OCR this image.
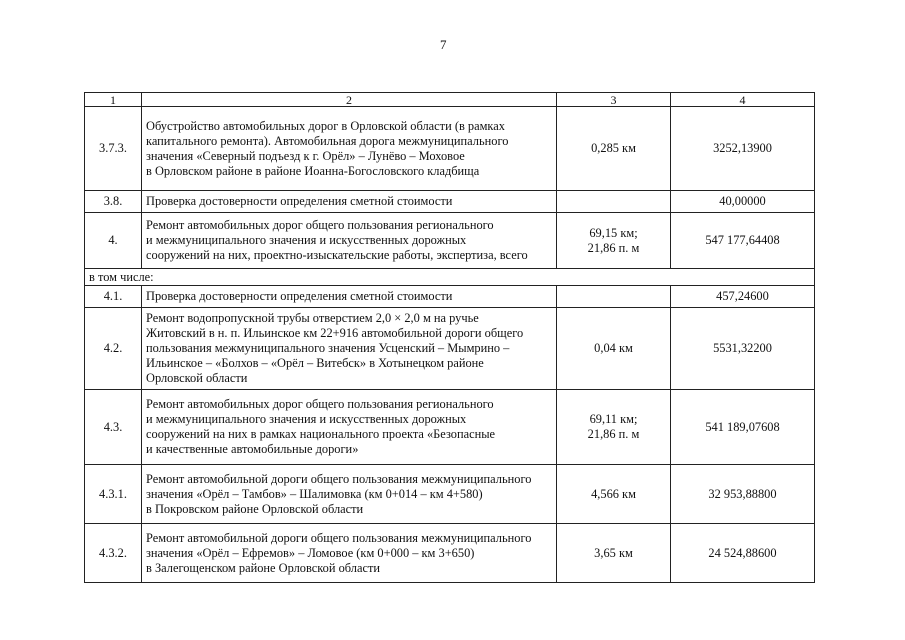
7
1	2	3	4
3.7.3.	Обустройство автомобильных дорог в Орловской области (в рамках
капитального ремонта). Автомобильная дорога межмуниципального
значения «Северный подъезд к г. Орёл» – Лунёво – Моховое
в Орловском районе в районе Иоанна-Богословского кладбища	0,285 км	3252,13900
3.8.	Проверка достоверности определения сметной стоимости		40,00000
4.	Ремонт автомобильных дорог общего пользования регионального
и межмуниципального значения и искусственных дорожных
сооружений на них, проектно-изыскательские работы, экспертиза, всего	69,15 км;
21,86 п. м	547 177,64408
в том числе:			
4.1.	Проверка достоверности определения сметной стоимости		457,24600
4.2.	Ремонт водопропускной трубы отверстием 2,0 × 2,0 м на ручье
Житовский в н. п. Ильинское км 22+916 автомобильной дороги общего
пользования межмуниципального значения Усценский – Мымрино –
Ильинское – «Болхов – «Орёл – Витебск» в Хотынецком районе
Орловской области	0,04 км	5531,32200
4.3.	Ремонт автомобильных дорог общего пользования регионального
и межмуниципального значения и искусственных дорожных
сооружений на них в рамках национального проекта «Безопасные
и качественные автомобильные дороги»	69,11 км;
21,86 п. м	541 189,07608
4.3.1.	Ремонт автомобильной дороги общего пользования межмуниципального
значения «Орёл – Тамбов» – Шалимовка (км 0+014 – км 4+580)
в Покровском районе Орловской области	4,566 км	32 953,88800
4.3.2.	Ремонт автомобильной дороги общего пользования межмуниципального
значения «Орёл – Ефремов» – Ломовое (км 0+000 – км 3+650)
в Залегощенском районе Орловской области	3,65 км	24 524,88600
